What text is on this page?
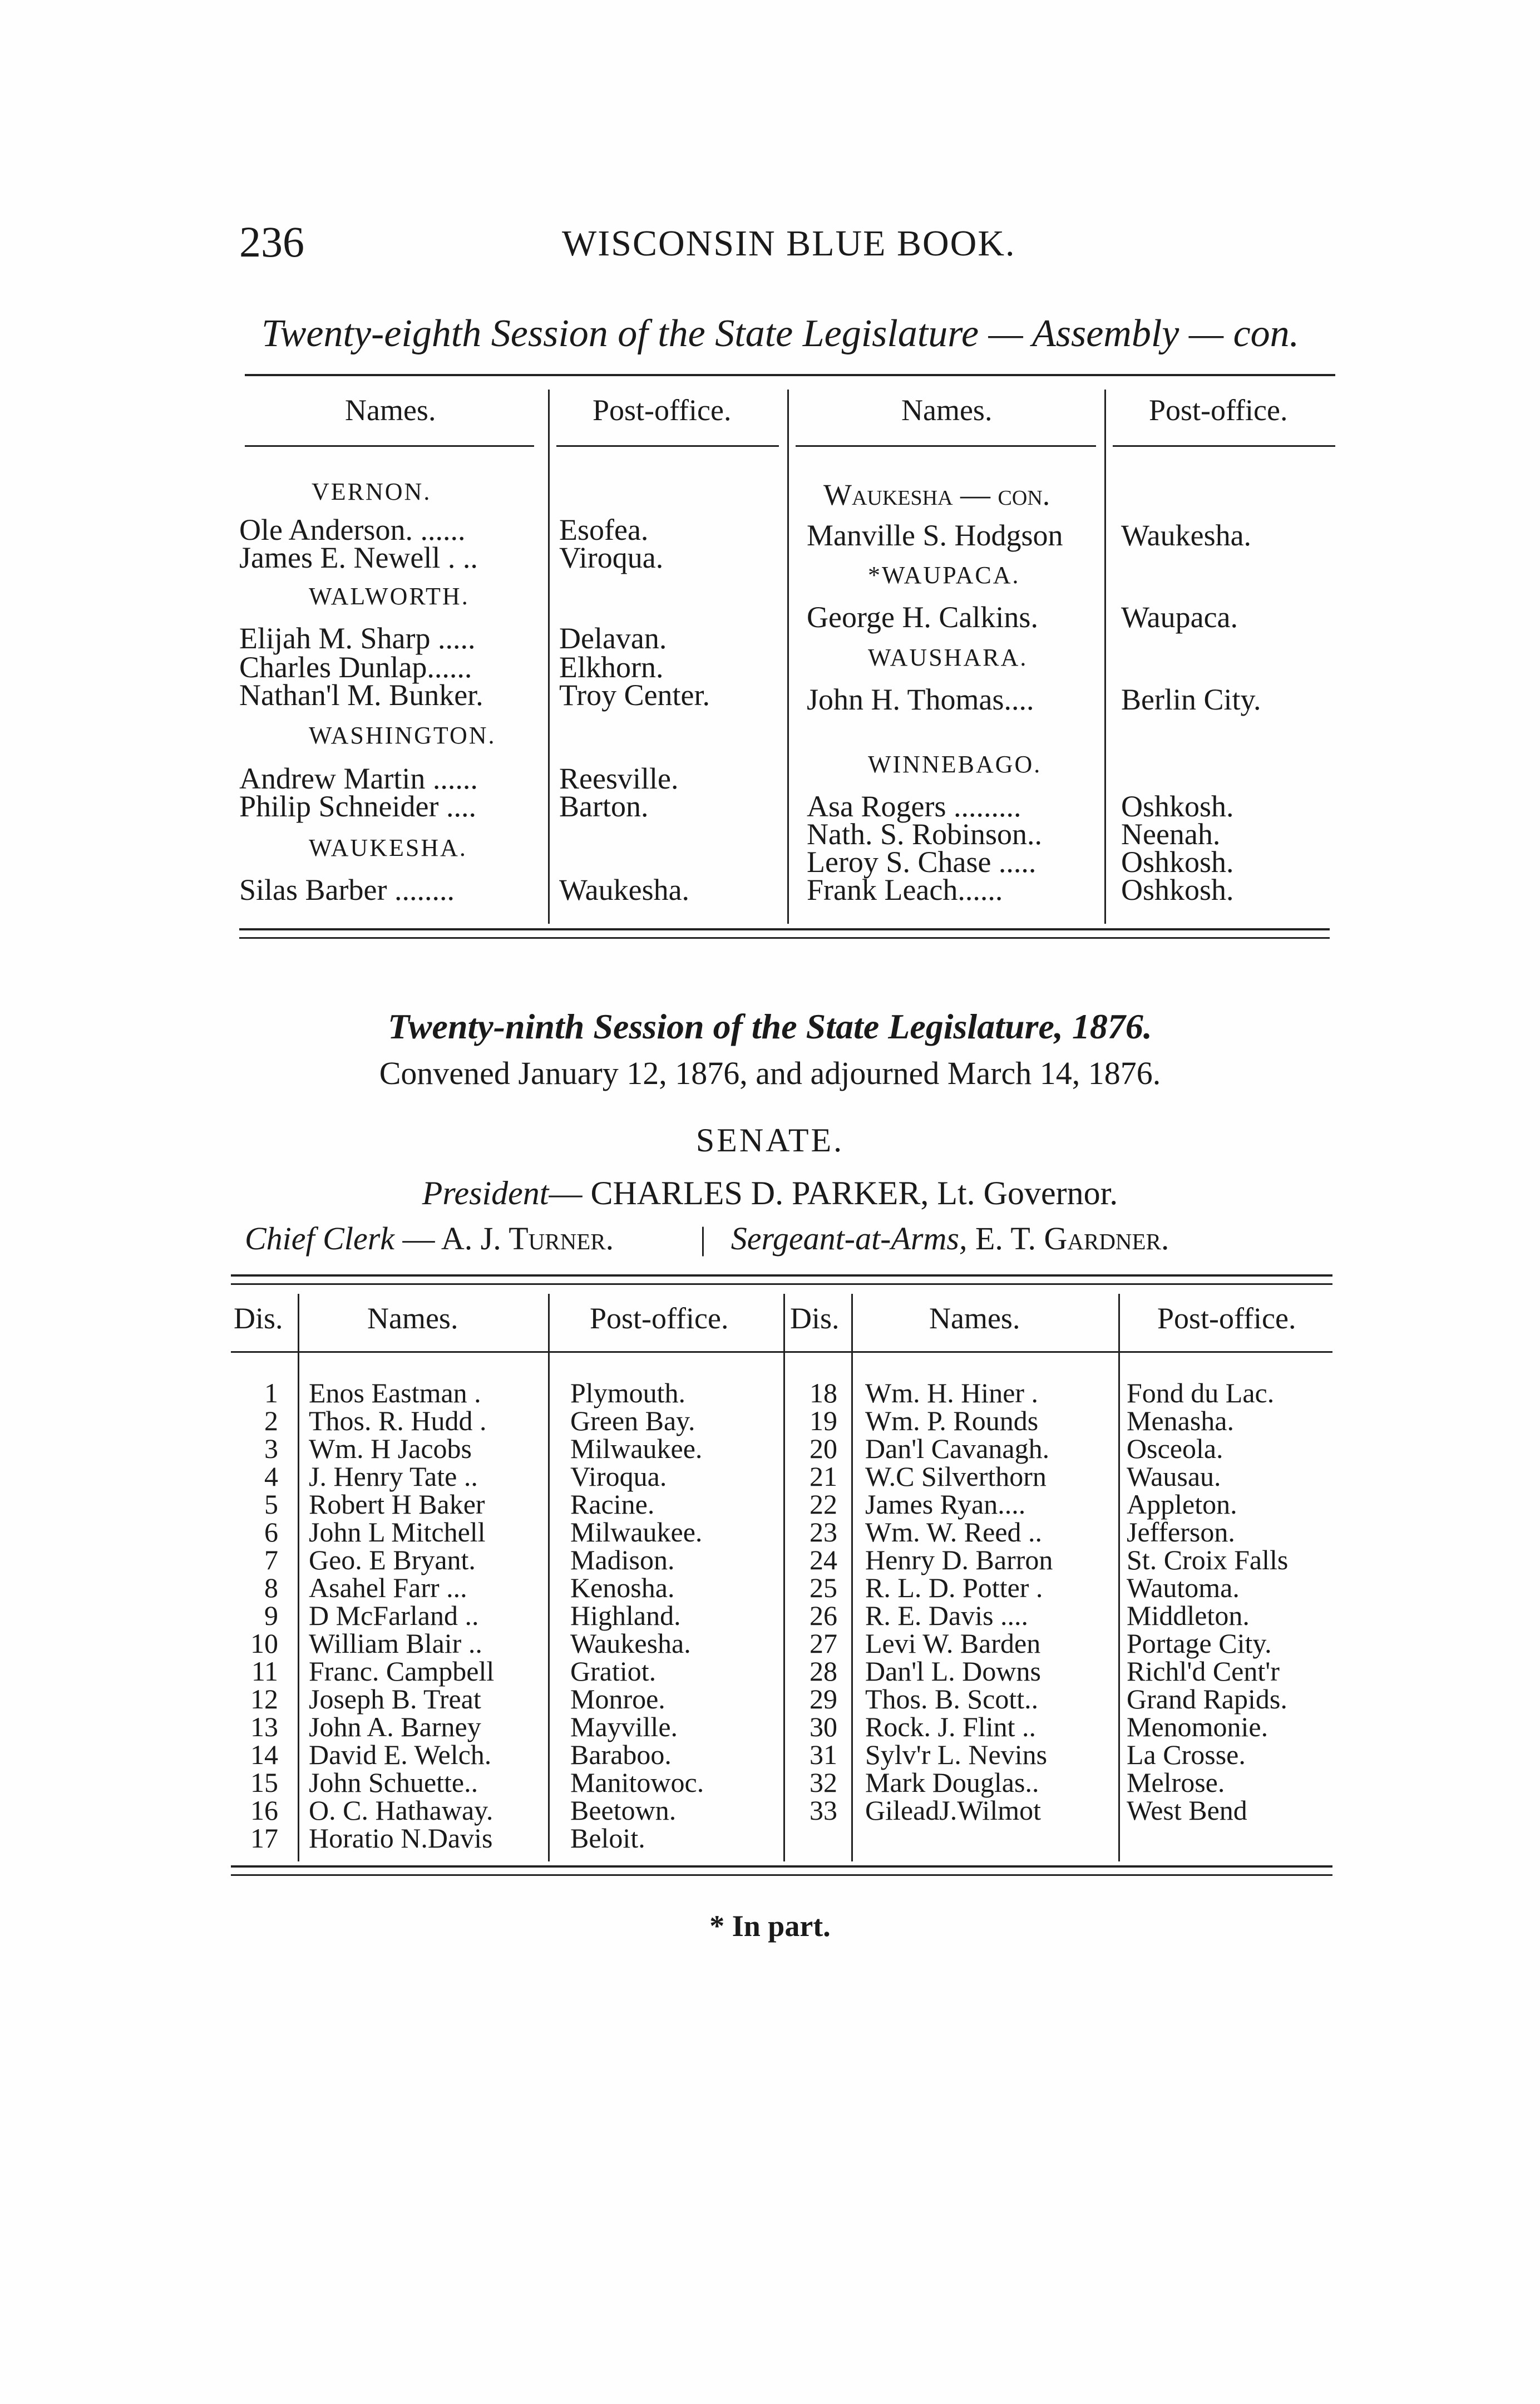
236	WISCONSIN BLUE BOOK.
Twenty-eighth Session of the State Legislature — Assembly — con.
Names.	Post-office.	Names.	Post-office.
VERNON.
Ole Anderson. ......	Esofea.
James E. Newell . ..	Viroqua.
WALWORTH.
Elijah M. Sharp .....	Delavan.
Charles Dunlap......	Elkhorn.
Nathan'l M. Bunker.	Troy Center.
WASHINGTON.
Andrew Martin ......	Reesville.
Philip Schneider ....	Barton.
WAUKESHA.
Silas Barber ........	Waukesha.
Waukesha — con.
Manville S. Hodgson Waukesha.
*WAUPACA.
George H. Calkins.	Waupaca.
WAUSHARA.
John H. Thomas....	Berlin City.
WINNEBAGO.
Asa Rogers .........	Oshkosh.
Nath. S. Robinson..	Neenah.
Leroy S. Chase .....	Oshkosh.
Frank Leach......	Oshkosh.
Twenty-ninth Session of the State Legislature, 1876.
Convened January 12, 1876, and adjourned March 14, 1876.
SENATE.
President— CHARLES D. PARKER, Lt. Governor.
Chief Clerk — A. J. Turner.	| Sergeant-at-Arms, E. T. Gardner.
Dis.	Names.	Post-office. Dis.	Names.	Post-office.
1 Enos Eastman .	Plymouth.
2 Thos. R. Hudd .	Green Bay.
3 Wm. H Jacobs	Milwaukee.
4 J. Henry Tate ..	Viroqua.
5 Robert H Baker	Racine.
6 John L Mitchell	Milwaukee.
7 Geo. E Bryant.	Madison.
8 Asahel Farr ...	Kenosha.
9 D McFarland ..	Highland.
10 William Blair ..	Waukesha.
11 Franc. Campbell	Gratiot.
12 Joseph B. Treat	Monroe.
13 John A. Barney	Mayville.
14 David E. Welch.	Baraboo.
15 John Schuette..	Manitowoc.
16 O. C. Hathaway.	Beetown.
17 Horatio N.Davis	Beloit.
18 Wm. H. Hiner .	Fond du Lac.
19 Wm. P. Rounds	Menasha.
20 Dan'l Cavanagh.	Osceola.
21 W.C Silverthorn	Wausau.
22 James Ryan....	Appleton.
23 Wm. W. Reed ..	Jefferson.
24 Henry D. Barron	St. Croix Falls
25 R. L. D. Potter .	Wautoma.
26 R. E. Davis ....	Middleton.
27 Levi W. Barden	Portage City.
28 Dan'l L. Downs	Richl'd Cent'r
29 Thos. B. Scott..	Grand Rapids.
30 Rock. J. Flint ..	Menomonie.
31 Sylv'r L. Nevins	La Crosse.
32 Mark Douglas..	Melrose.
33 GileadJ.Wilmot	West Bend
* In part.
